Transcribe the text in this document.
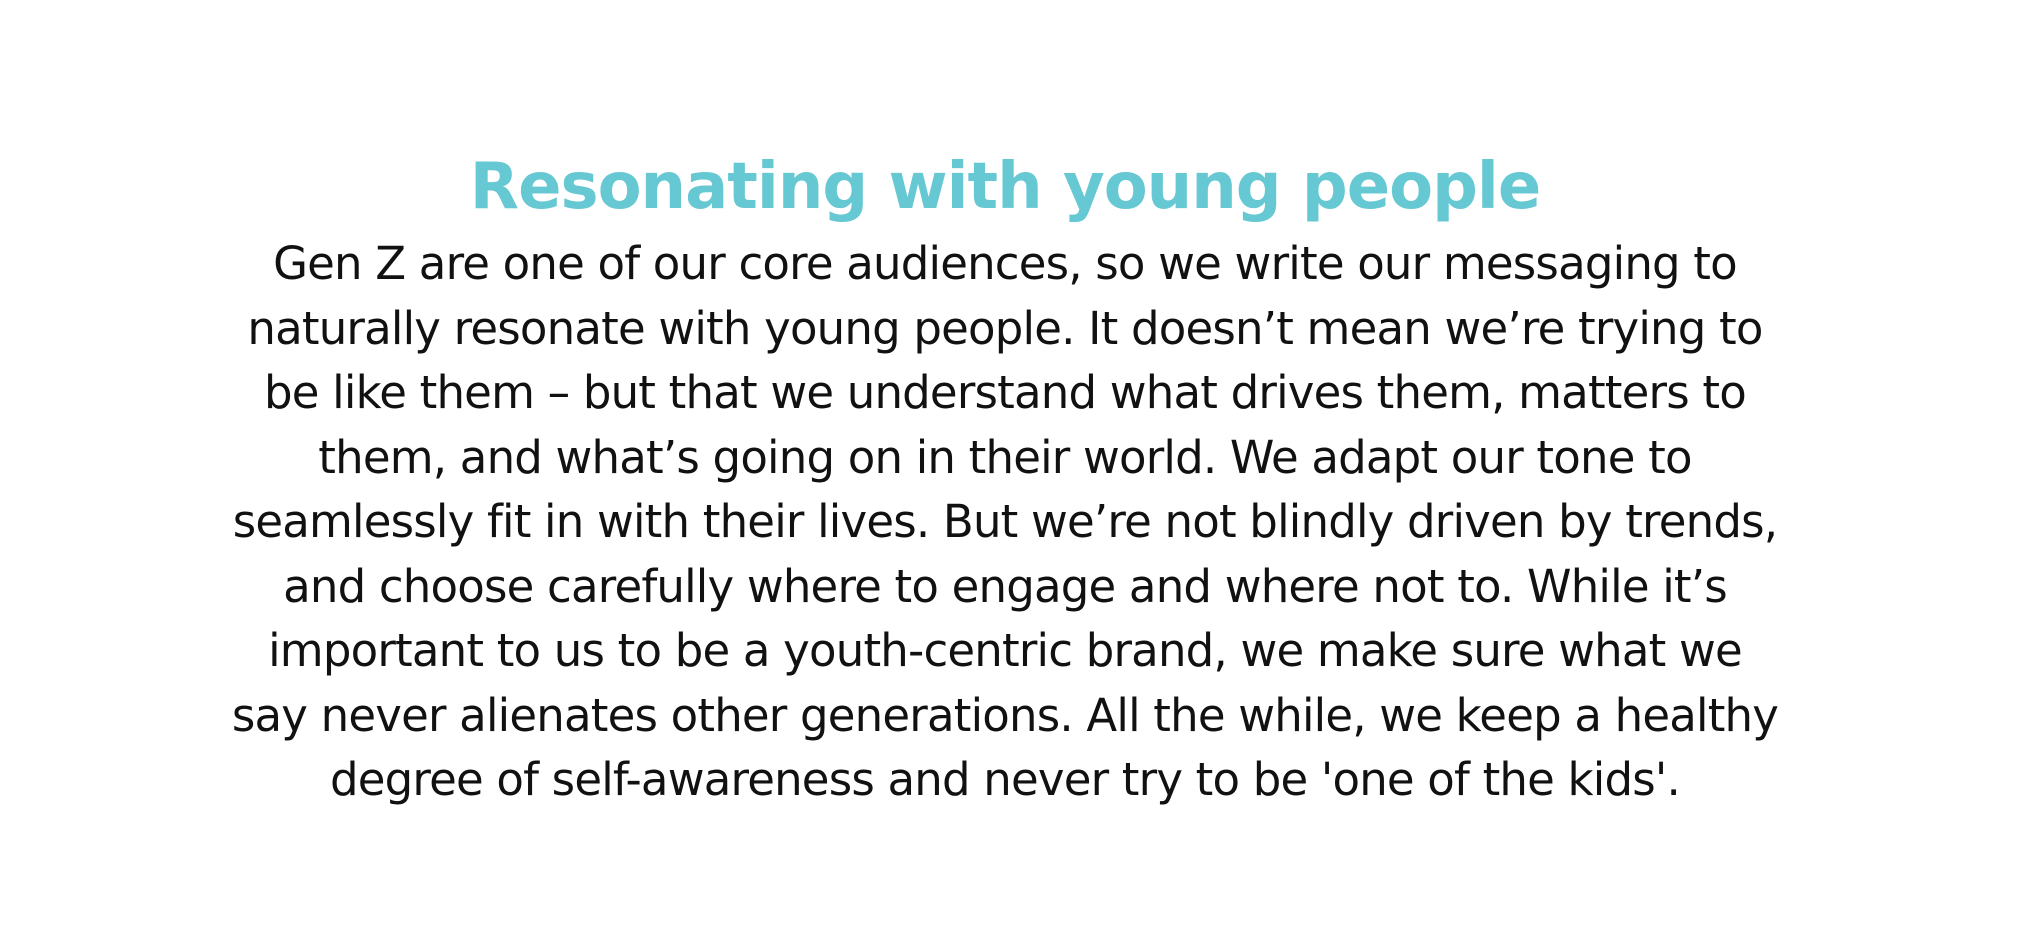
Resonating with young people

Gen Z are one of our core audiences, so we write our messaging to
naturally resonate with young people. It doesn’t mean we’re trying to
be like them – but that we understand what drives them, matters to
them, and what’s going on in their world. We adapt our tone to
seamlessly fit in with their lives. But we’re not blindly driven by trends,
and choose carefully where to engage and where not to. While it’s
important to us to be a youth-centric brand, we make sure what we
say never alienates other generations. All the while, we keep a healthy
degree of self-awareness and never try to be 'one of the kids'.
